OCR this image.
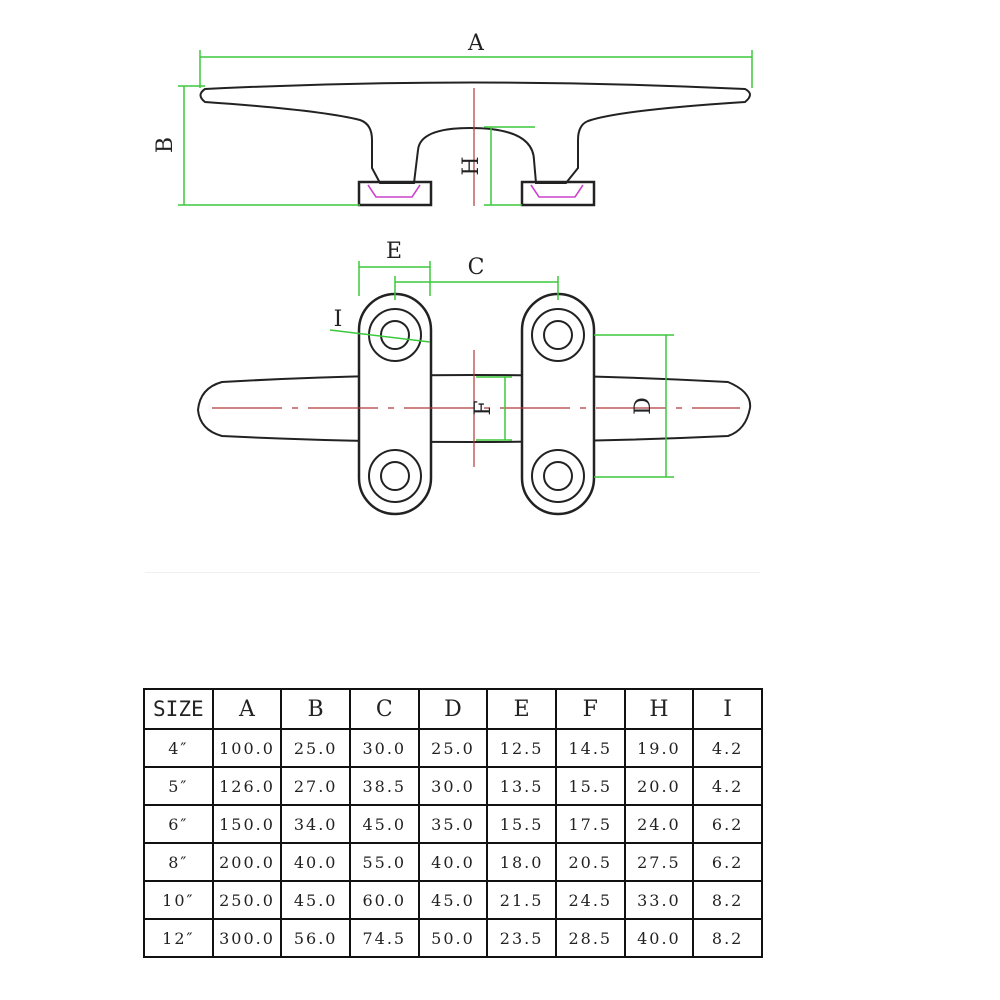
A
B
H
E
C
I
D
F
SIZE	A	B	C	D	E	F	H	I
4″	100.0	25.0	30.0	25.0	12.5	14.5	19.0	4.2
5″	126.0	27.0	38.5	30.0	13.5	15.5	20.0	4.2
6″	150.0	34.0	45.0	35.0	15.5	17.5	24.0	6.2
8″	200.0	40.0	55.0	40.0	18.0	20.5	27.5	6.2
10″	250.0	45.0	60.0	45.0	21.5	24.5	33.0	8.2
12″	300.0	56.0	74.5	50.0	23.5	28.5	40.0	8.2
